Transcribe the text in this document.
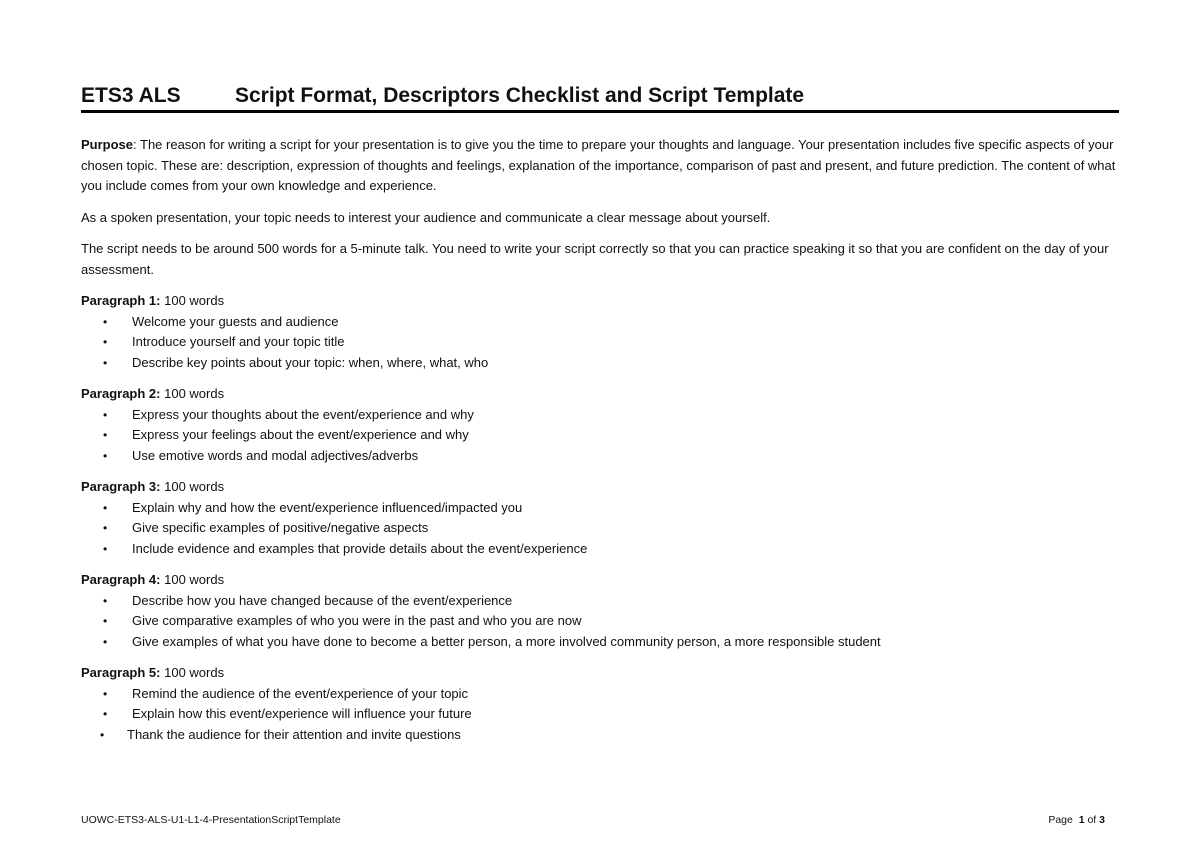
ETS3 ALS	Script Format, Descriptors Checklist and Script Template

Purpose: The reason for writing a script for your presentation is to give you the time to prepare your thoughts and language. Your presentation includes five specific aspects of your chosen topic. These are: description, expression of thoughts and feelings, explanation of the importance, comparison of past and present, and future prediction. The content of what you include comes from your own knowledge and experience.

As a spoken presentation, your topic needs to interest your audience and communicate a clear message about yourself.

The script needs to be around 500 words for a 5-minute talk. You need to write your script correctly so that you can practice speaking it so that you are confident on the day of your assessment.

Paragraph 1: 100 words
• Welcome your guests and audience
• Introduce yourself and your topic title
• Describe key points about your topic: when, where, what, who
Paragraph 2: 100 words
• Express your thoughts about the event/experience and why
• Express your feelings about the event/experience and why
• Use emotive words and modal adjectives/adverbs
Paragraph 3: 100 words
• Explain why and how the event/experience influenced/impacted you
• Give specific examples of positive/negative aspects
• Include evidence and examples that provide details about the event/experience
Paragraph 4: 100 words
• Describe how you have changed because of the event/experience
• Give comparative examples of who you were in the past and who you are now
• Give examples of what you have done to become a better person, a more involved community person, a more responsible student
Paragraph 5: 100 words
• Remind the audience of the event/experience of your topic
• Explain how this event/experience will influence your future
• Thank the audience for their attention and invite questions
UOWC-ETS3-ALS-U1-L1-4-PresentationScriptTemplate	Page 1 of 3
